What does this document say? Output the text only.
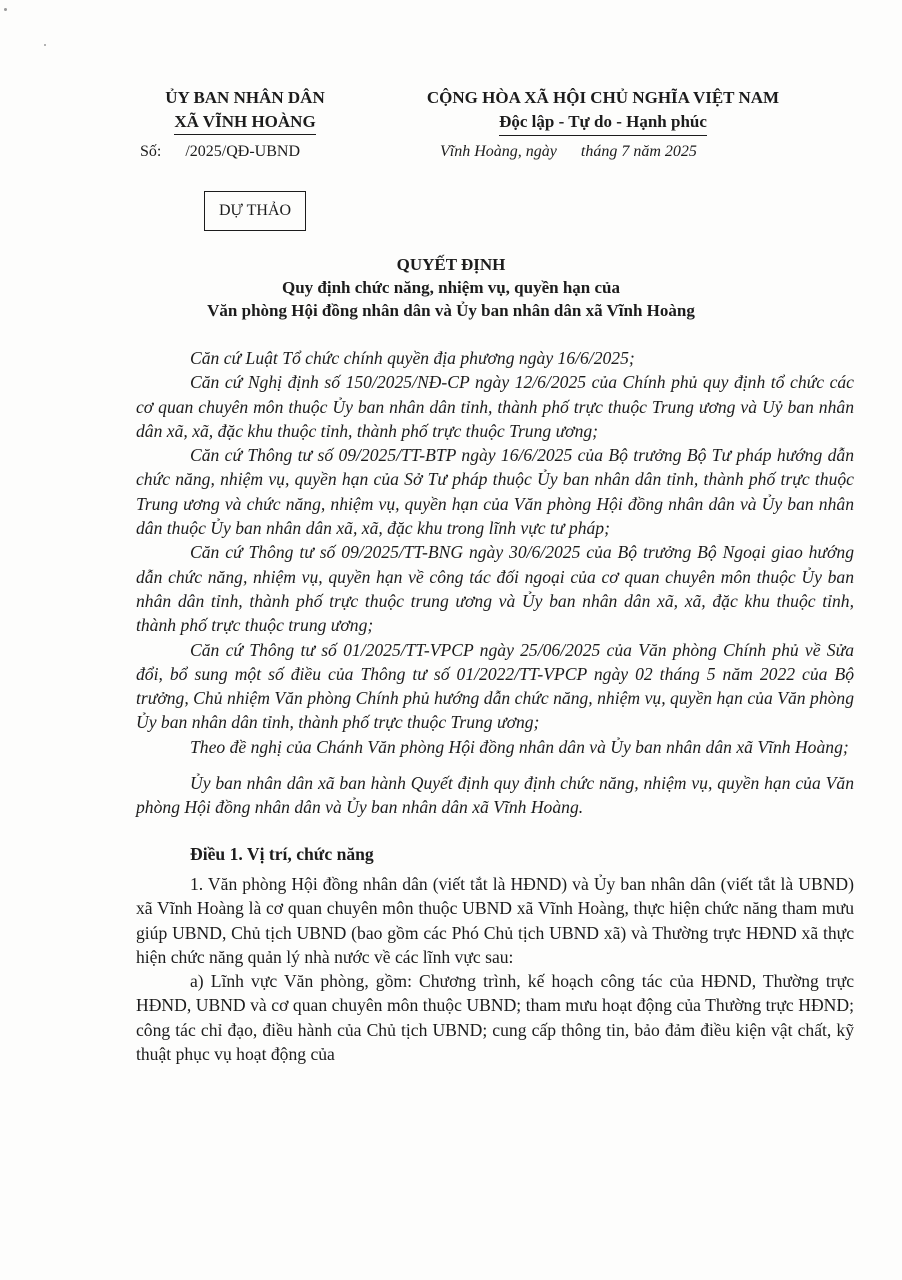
ỦY BAN NHÂN DÂN
XÃ VĨNH HOÀNG
CỘNG HÒA XÃ HỘI CHỦ NGHĨA VIỆT NAM
Độc lập - Tự do - Hạnh phúc
Số: /2025/QĐ-UBND	Vĩnh Hoàng, ngày      tháng 7 năm 2025
DỰ THẢO
QUYẾT ĐỊNH
Quy định chức năng, nhiệm vụ, quyền hạn của
Văn phòng Hội đồng nhân dân và Ủy ban nhân dân xã Vĩnh Hoàng

Căn cứ Luật Tổ chức chính quyền địa phương ngày 16/6/2025;

Căn cứ Nghị định số 150/2025/NĐ-CP ngày 12/6/2025 của Chính phủ quy định tổ chức các cơ quan chuyên môn thuộc Ủy ban nhân dân tỉnh, thành phố trực thuộc Trung ương và Uỷ ban nhân dân xã, xã, đặc khu thuộc tỉnh, thành phố trực thuộc Trung ương;

Căn cứ Thông tư số 09/2025/TT-BTP ngày 16/6/2025 của Bộ trưởng Bộ Tư pháp hướng dẫn chức năng, nhiệm vụ, quyền hạn của Sở Tư pháp thuộc Ủy ban nhân dân tỉnh, thành phố trực thuộc Trung ương và chức năng, nhiệm vụ, quyền hạn của Văn phòng Hội đồng nhân dân và Ủy ban nhân dân thuộc Ủy ban nhân dân xã, xã, đặc khu trong lĩnh vực tư pháp;

Căn cứ Thông tư số 09/2025/TT-BNG ngày 30/6/2025 của Bộ trưởng Bộ Ngoại giao hướng dẫn chức năng, nhiệm vụ, quyền hạn về công tác đối ngoại của cơ quan chuyên môn thuộc Ủy ban nhân dân tỉnh, thành phố trực thuộc trung ương và Ủy ban nhân dân xã, xã, đặc khu thuộc tỉnh, thành phố trực thuộc trung ương;

Căn cứ Thông tư số 01/2025/TT-VPCP ngày 25/06/2025 của Văn phòng Chính phủ về Sửa đổi, bổ sung một số điều của Thông tư số 01/2022/TT-VPCP ngày 02 tháng 5 năm 2022 của Bộ trưởng, Chủ nhiệm Văn phòng Chính phủ hướng dẫn chức năng, nhiệm vụ, quyền hạn của Văn phòng Ủy ban nhân dân tỉnh, thành phố trực thuộc Trung ương;

Theo đề nghị của Chánh Văn phòng Hội đồng nhân dân và Ủy ban nhân dân xã Vĩnh Hoàng;

Ủy ban nhân dân xã ban hành Quyết định quy định chức năng, nhiệm vụ, quyền hạn của Văn phòng Hội đồng nhân dân và Ủy ban nhân dân xã Vĩnh Hoàng.

Điều 1. Vị trí, chức năng

1. Văn phòng Hội đồng nhân dân (viết tắt là HĐND) và Ủy ban nhân dân (viết tắt là UBND) xã Vĩnh Hoàng là cơ quan chuyên môn thuộc UBND xã Vĩnh Hoàng, thực hiện chức năng tham mưu giúp UBND, Chủ tịch UBND (bao gồm các Phó Chủ tịch UBND xã) và Thường trực HĐND xã thực hiện chức năng quản lý nhà nước về các lĩnh vực sau:

a) Lĩnh vực Văn phòng, gồm: Chương trình, kế hoạch công tác của HĐND, Thường trực HĐND, UBND và cơ quan chuyên môn thuộc UBND; tham mưu hoạt động của Thường trực HĐND; công tác chỉ đạo, điều hành của Chủ tịch UBND; cung cấp thông tin, bảo đảm điều kiện vật chất, kỹ thuật phục vụ hoạt động của
